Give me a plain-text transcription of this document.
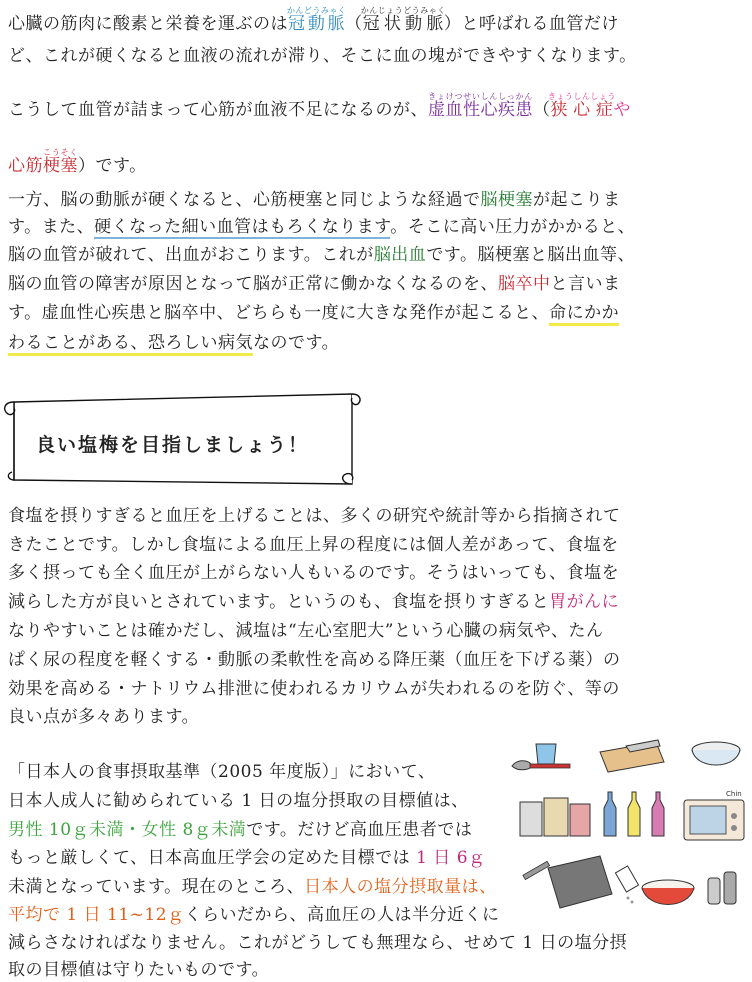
心臓の筋肉に酸素と栄養を運ぶのは冠動脈かんどうみゃく（冠状動脈かんじょうどうみゃく）と呼ばれる血管だけ
ど、これが硬くなると血液の流れが滞り、そこに血の塊ができやすくなります。
こうして血管が詰まって心筋が血液不足になるのが、虚血性心疾患きょけつせいしんしっかん（狭心症きょうしんしょうや
心筋梗塞こうそく）です。
一方、脳の動脈が硬くなると、心筋梗塞と同じような経過で脳梗塞が起こりま
す。また、硬くなった細い血管はもろくなります。そこに高い圧力がかかると、
脳の血管が破れて、出血がおこります。これが脳出血です。脳梗塞と脳出血等、
脳の血管の障害が原因となって脳が正常に働かなくなるのを、脳卒中と言いま
す。虚血性心疾患と脳卒中、どちらも一度に大きな発作が起こると、命にかか
わることがある、恐ろしい病気なのです。
良い塩梅を目指しましょう！
食塩を摂りすぎると血圧を上げることは、多くの研究や統計等から指摘されて
きたことです。しかし食塩による血圧上昇の程度には個人差があって、食塩を
多く摂っても全く血圧が上がらない人もいるのです。そうはいっても、食塩を
減らした方が良いとされています。というのも、食塩を摂りすぎると胃がんに
なりやすいことは確かだし、減塩は“左心室肥大”という心臓の病気や、たん
ぱく尿の程度を軽くする・動脈の柔軟性を高める降圧薬（血圧を下げる薬）の
効果を高める・ナトリウム排泄に使われるカリウムが失われるのを防ぐ、等の
良い点が多々あります。
「日本人の食事摂取基準（2005 年度版）」において、
日本人成人に勧められている 1 日の塩分摂取の目標値は、
男性 10ｇ未満・女性 8ｇ未満です。だけど高血圧患者では
もっと厳しくて、日本高血圧学会の定めた目標では 1 日 6ｇ
未満となっています。現在のところ、日本人の塩分摂取量は、
平均で 1 日 11~12ｇくらいだから、高血圧の人は半分近くに
減らさなければなりません。これがどうしても無理なら、せめて 1 日の塩分摂
取の目標値は守りたいものです。
Chin
